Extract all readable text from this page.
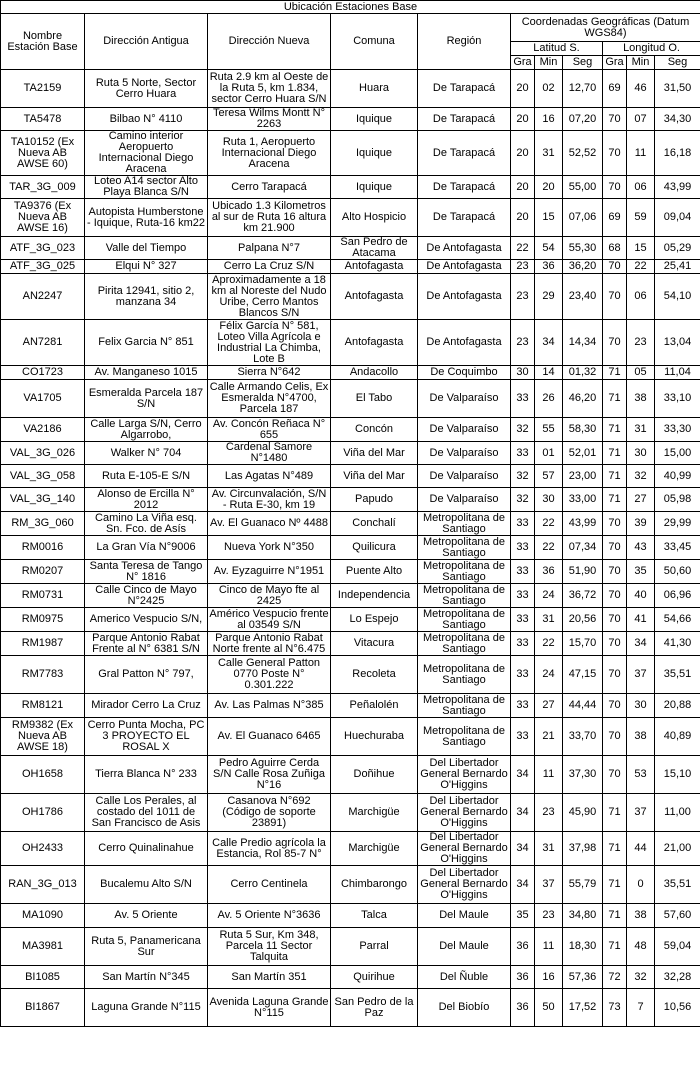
Ubicación Estaciones Base										
Nombre Estación Base	Dirección Antigua	Dirección Nueva	Comuna	Región	Coordenadas Geográficas (Datum WGS84)					
					Latitud S.			Longitud O.		
					Gra	Min	Seg	Gra	Min	Seg
TA2159	Ruta 5 Norte, Sector Cerro Huara	Ruta 2.9 km al Oeste de la Ruta 5, km 1.834, sector Cerro Huara S/N	Huara	De Tarapacá	20	02	12,70	69	46	31,50
TA5478	Bilbao N° 4110	Teresa Wilms Montt N° 2263	Iquique	De Tarapacá	20	16	07,20	70	07	34,30
TA10152 (Ex Nueva AB AWSE 60)	Camino interior Aeropuerto Internacional Diego Aracena	Ruta 1, Aeropuerto Internacional Diego Aracena	Iquique	De Tarapacá	20	31	52,52	70	11	16,18
TAR_3G_009	Loteo A14 sector Alto Playa Blanca S/N	Cerro Tarapacá	Iquique	De Tarapacá	20	20	55,00	70	06	43,99
TA9376 (Ex Nueva AB AWSE 16)	Autopista Humberstone - Iquique, Ruta-16 km22	Ubicado 1.3 Kilometros al sur de Ruta 16 altura km 21.900	Alto Hospicio	De Tarapacá	20	15	07,06	69	59	09,04
ATF_3G_023	Valle del Tiempo	Palpana N°7	San Pedro de Atacama	De Antofagasta	22	54	55,30	68	15	05,29
ATF_3G_025	Elqui N° 327	Cerro La Cruz S/N	Antofagasta	De Antofagasta	23	36	36,20	70	22	25,41
AN2247	Pirita 12941, sitio 2, manzana 34	Aproximadamente a 18 km al Noreste del Nudo Uribe, Cerro Mantos Blancos S/N	Antofagasta	De Antofagasta	23	29	23,40	70	06	54,10
AN7281	Felix Garcia N° 851	Félix García N° 581, Loteo Villa Agrícola e Industrial La Chimba, Lote B	Antofagasta	De Antofagasta	23	34	14,34	70	23	13,04
CO1723	Av. Manganeso 1015	Sierra N°642	Andacollo	De Coquimbo	30	14	01,32	71	05	11,04
VA1705	Esmeralda Parcela 187 S/N	Calle Armando Celis, Ex Esmeralda N°4700, Parcela 187	El Tabo	De Valparaíso	33	26	46,20	71	38	33,10
VA2186	Calle Larga S/N, Cerro Algarrobo,	Av. Concón Reñaca N° 655	Concón	De Valparaíso	32	55	58,30	71	31	33,30
VAL_3G_026	Walker N° 704	Cardenal Samore N°1480	Viña del Mar	De Valparaíso	33	01	52,01	71	30	15,00
VAL_3G_058	Ruta E-105-E S/N	Las Agatas N°489	Viña del Mar	De Valparaíso	32	57	23,00	71	32	40,99
VAL_3G_140	Alonso de Ercilla N° 2012	Av. Circunvalación, S/N - Ruta E-30, km 19	Papudo	De Valparaíso	32	30	33,00	71	27	05,98
RM_3G_060	Camino La Viña esq. Sn. Fco. de Asís	Av. El Guanaco Nº 4488	Conchalí	Metropolitana de Santiago	33	22	43,99	70	39	29,99
RM0016	La Gran Vía N°9006	Nueva York N°350	Quilicura	Metropolitana de Santiago	33	22	07,34	70	43	33,45
RM0207	Santa Teresa de Tango N° 1816	Av. Eyzaguirre N°1951	Puente Alto	Metropolitana de Santiago	33	36	51,90	70	35	50,60
RM0731	Calle Cinco de Mayo N°2425	Cinco de Mayo fte al 2425	Independencia	Metropolitana de Santiago	33	24	36,72	70	40	06,96
RM0975	Americo Vespucio S/N,	Américo Vespucio frente al 03549 S/N	Lo Espejo	Metropolitana de Santiago	33	31	20,56	70	41	54,66
RM1987	Parque Antonio Rabat Frente al N° 6381 S/N	Parque Antonio Rabat Norte frente al N°6.475	Vitacura	Metropolitana de Santiago	33	22	15,70	70	34	41,30
RM7783	Gral Patton N° 797,	Calle General Patton 0770 Poste N° 0.301.222	Recoleta	Metropolitana de Santiago	33	24	47,15	70	37	35,51
RM8121	Mirador Cerro La Cruz	Av. Las Palmas N°385	Peñalolén	Metropolitana de Santiago	33	27	44,44	70	30	20,88
RM9382 (Ex Nueva AB AWSE 18)	Cerro Punta Mocha, PC 3 PROYECTO EL ROSAL X	Av. El Guanaco 6465	Huechuraba	Metropolitana de Santiago	33	21	33,70	70	38	40,89
OH1658	Tierra Blanca N° 233	Pedro Aguirre Cerda S/N Calle Rosa Zuñiga N°16	Doñihue	Del Libertador General Bernardo O'Higgins	34	11	37,30	70	53	15,10
OH1786	Calle Los Perales, al costado del 1011 de San Francisco de Asis	Casanova N°692 (Código de soporte 23891)	Marchigüe	Del Libertador General Bernardo O'Higgins	34	23	45,90	71	37	11,00
OH2433	Cerro Quinalinahue	Calle Predio agrícola la Estancia, Rol 85-7 N°	Marchigüe	Del Libertador General Bernardo O'Higgins	34	31	37,98	71	44	21,00
RAN_3G_013	Bucalemu Alto S/N	Cerro Centinela	Chimbarongo	Del Libertador General Bernardo O'Higgins	34	37	55,79	71	0	35,51
MA1090	Av. 5 Oriente	Av. 5 Oriente N°3636	Talca	Del Maule	35	23	34,80	71	38	57,60
MA3981	Ruta 5, Panamericana Sur	Ruta 5 Sur, Km 348, Parcela 11 Sector Talquita	Parral	Del Maule	36	11	18,30	71	48	59,04
BI1085	San Martín N°345	San Martín 351	Quirihue	Del Ñuble	36	16	57,36	72	32	32,28
BI1867	Laguna Grande N°115	Avenida Laguna Grande N°115	San Pedro de la Paz	Del Biobío	36	50	17,52	73	7	10,56
